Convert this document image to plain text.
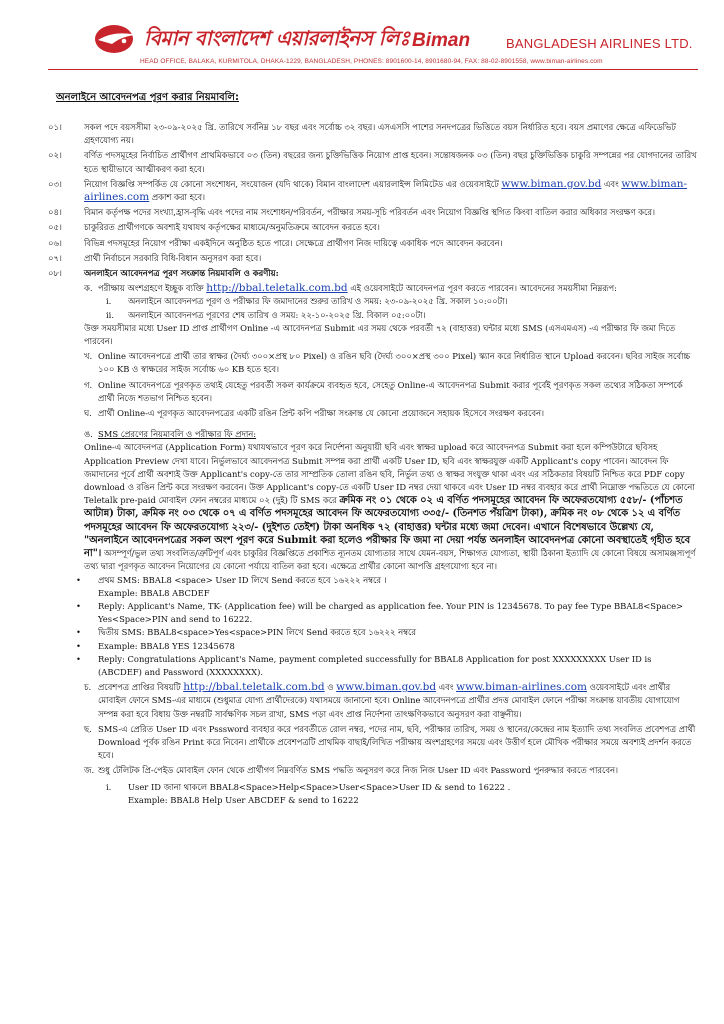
বিমান বাংলাদেশ এয়ারলাইনস লিঃ Biman	BANGLADESH AIRLINES LTD.
HEAD OFFICE, BALAKA, KURMITOLA, DHAKA-1229, BANGLADESH, PHONES: 8901600-14, 8901680-94, FAX: 88-02-8901558, www.biman-airlines.com
অনলাইনে আবেদনপত্র পূরণ করার নিয়মাবলি:
০১।	সকল পদে বয়সসীমা ২৩-০৯-২০২৫ খ্রি. তারিখে সর্বনিম্ন ১৮ বছর এবং সর্বোচ্চ ৩২ বছর। এসএসসি পাশের সনদপত্রের ভিত্তিতে বয়স নির্ধারিত হবে। বয়স প্রমাণের ক্ষেত্রে এফিডেভিট গ্রহণযোগ্য নয়।
০২।	বর্ণিত পদসমূহের নির্বাচিত প্রার্থীগণ প্রাথমিকভাবে ০৩ (তিন) বছরের জন্য চুক্তিভিত্তিক নিয়োগ প্রাপ্ত হবেন। সন্তোষজনক ০৩ (তিন) বছর চুক্তিভিত্তিক চাকুরি সম্পন্নের পর যোগদানের তারিখ হতে স্থায়ীভাবে আত্মীকরণ করা হবে।
০৩।	নিয়োগ বিজ্ঞপ্তি সম্পর্কিত যে কোনো সংশোধন, সংযোজন (যদি থাকে) বিমান বাংলাদেশ এয়ারলাইন্স লিমিটেড এর ওয়েবসাইটে www.biman.gov.bd এবং www.biman-airlines.com প্রকাশ করা হবে।
০৪।	বিমান কর্তৃপক্ষ পদের সংখ্যা,হ্রাস-বৃদ্ধি এবং পদের নাম সংশোধন/পরিবর্তন, পরীক্ষার সময়-সূচি পরিবর্তন এবং নিয়োগ বিজ্ঞপ্তি স্থগিত কিংবা বাতিল করার অধিকার সংরক্ষণ করে।
০৫।	চাকুরিরত প্রার্থীগণকে অবশ্যই যথাযথ কর্তৃপক্ষের মাধ্যমে/অনুমতিক্রমে আবেদন করতে হবে।
০৬।	বিভিন্ন পদসমূহের নিয়োগ পরীক্ষা একইদিনে অনুষ্ঠিত হতে পারে। সেক্ষেত্রে প্রার্থীগণ নিজ দায়িত্বে একাধিক পদে আবেদন করবেন।
০৭।	প্রার্থী নির্বাচনে সরকারি বিধি-বিধান অনুসরণ করা হবে।
০৮।	অনলাইনে আবেদনপত্র পূরণ সংক্রান্ত নিয়মাবলি ও করণীয়:
ক. পরীক্ষায় অংশগ্রহণে ইচ্ছুক ব্যক্তি http://bbal.teletalk.com.bd এই ওয়েবসাইটে আবেদনপত্র পূরণ করতে পারবেন। আবেদনের সময়সীমা নিম্নরূপ:
i.	অনলাইনে আবেদনপত্র পূরণ ও পরীক্ষার ফি জমাদানের শুরুর তারিখ ও সময়: ২৩-০৯-২০২৫ খ্রি. সকাল ১০:০০টা।
ii.	অনলাইনে আবেদনপত্র পূরণের শেষ তারিখ ও সময়: ২২-১০-২০২৫ খ্রি. বিকাল ০৫:০০টা।
উক্ত সময়সীমার মধ্যে User ID প্রাপ্ত প্রার্থীগণ Online -এ আবেদনপত্র Submit এর সময় থেকে পরবর্তী ৭২ (বাহাত্তর) ঘন্টার মধ্যে SMS (এসএমএস) -এ পরীক্ষার ফি জমা দিতে পারবেন।
খ. Online আবেদনপত্রে প্রার্থী তার স্বাক্ষর (দৈর্ঘ্য ৩০০×প্রস্থ ৮০ Pixel) ও রঙিন ছবি (দৈর্ঘ্য ৩০০×প্রস্থ ৩০০ Pixel) স্ক্যান করে নির্ধারিত স্থানে Upload করবেন। ছবির সাইজ সর্বোচ্চ ১০০ KB ও স্বাক্ষরের সাইজ সর্বোচ্চ ৬০ KB হতে হবে।
গ. Online আবেদনপত্রে পূরণকৃত তথ্যই যেহেতু পরবর্তী সকল কার্যক্রমে ব্যবহৃত হবে, সেহেতু Online-এ আবেদনপত্র Submit করার পূর্বেই পূরণকৃত সকল তথ্যের সঠিকতা সম্পর্কে প্রার্থী নিজে শতভাগ নিশ্চিত হবেন।
ঘ. প্রার্থী Online-এ পূরণকৃত আবেদনপত্রের একটি রঙিন প্রিন্ট কপি পরীক্ষা সংক্রান্ত যে কোনো প্রয়োজনে সহায়ক হিসেবে সংরক্ষণ করবেন।
ঙ. SMS প্রেরণের নিয়মাবলি ও পরীক্ষার ফি প্রদান:
Online-এ আবেদনপত্র (Application Form) যথাযথভাবে পূরণ করে নির্দেশনা অনুযায়ী ছবি এবং স্বাক্ষর upload করে আবেদনপত্র Submit করা হলে কম্পিউটারে ছবিসহ Application Preview দেখা যাবে। নির্ভুলভাবে আবেদনপত্র Submit সম্পন্ন করা প্রার্থী একটি User ID, ছবি এবং স্বাক্ষরযুক্ত একটি Applicant's copy পাবেন। আবেদন ফি জমাদানের পূর্বে প্রার্থী অবশ্যই উক্ত Applicant's copy-তে তার সাম্প্রতিক তোলা রঙিন ছবি, নির্ভুল তথ্য ও স্বাক্ষর সংযুক্ত থাকা এবং এর সঠিকতার বিষয়টি নিশ্চিত করে PDF copy download ও রঙিন প্রিন্ট করে সংরক্ষণ করবেন। উক্ত Applicant's copy-তে একটি User ID নম্বর দেয়া থাকবে এবং User ID নম্বর ব্যবহার করে প্রার্থী নিম্নোক্ত পদ্ধতিতে যে কোনো Teletalk pre-paid মোবাইল ফোন নম্বরের মাধ্যমে ০২ (দুই) টি SMS করে ক্রমিক নং ০১ থেকে ০২ এ বর্ণিত পদসমূহের আবেদন ফি অফেরতযোগ্য ৫৫৮/- (পাঁচশত আটান্ন) টাকা, ক্রমিক নং ০৩ থেকে ০৭ এ বর্ণিত পদসমূহের আবেদন ফি অফেরতযোগ্য ৩৩৫/- (তিনশত পঁয়ত্রিশ টাকা), ক্রমিক নং ০৮ থেকে ১২ এ বর্ণিত পদসমূহের আবেদন ফি অফেরতযোগ্য ২২৩/- (দুইশত তেইশ) টাকা অনধিক ৭২ (বাহাত্তর) ঘন্টার মধ্যে জমা দেবেন। এখানে বিশেষভাবে উল্লেখ্য যে, "অনলাইনে আবেদনপত্রের সকল অংশ পূরণ করে Submit করা হলেও পরীক্ষার ফি জমা না দেয়া পর্যন্ত অনলাইন আবেদনপত্র কোনো অবস্থাতেই গৃহীত হবে না"। অসম্পূর্ণ/ভুল তথ্য সংবলিত/ত্রুটিপূর্ণ এবং চাকুরির বিজ্ঞপ্তিতে প্রকাশিত ন্যূনতম যোগ্যতার সাথে যেমন-বয়স, শিক্ষাগত যোগ্যতা, স্থায়ী ঠিকানা ইত্যাদি যে কোনো বিষয়ে অসামঞ্জস্যপূর্ণ তথ্য দ্বারা পূরণকৃত আবেদন নিয়োগের যে কোনো পর্যায়ে বাতিল করা হবে। এক্ষেত্রে প্রার্থীর কোনো আপত্তি গ্রহণযোগ্য হবে না।
•	প্রথম SMS: BBAL8 <space> User ID লিখে Send করতে হবে ১৬২২২ নম্বরে ।
Example: BBAL8 ABCDEF
•	Reply: Applicant's Name, TK- (Application fee) will be charged as application fee. Your PIN is 12345678. To pay fee Type BBAL8<Space> Yes<Space>PIN and send to 16222.
•	দ্বিতীয় SMS: BBAL8<space>Yes<space>PIN লিখে Send করতে হবে ১৬২২২ নম্বরে
•	Example: BBAL8 YES 12345678
•	Reply: Congratulations Applicant's Name, payment completed successfully for BBAL8 Application for post XXXXXXXXX User ID is (ABCDEF) and Password (XXXXXXXX).
চ. প্রবেশপত্র প্রাপ্তির বিষয়টি http://bbal.teletalk.com.bd ও www.biman.gov.bd এবং www.biman-airlines.com ওয়েবসাইটে এবং প্রার্থীর মোবাইল ফোনে SMS-এর মাধ্যমে (শুধুমাত্র যোগ্য প্রার্থীদেরকে) যথাসময়ে জানানো হবে। Online আবেদনপত্রে প্রার্থীর প্রদত্ত মোবাইল ফোনে পরীক্ষা সংক্রান্ত যাবতীয় যোগাযোগ সম্পন্ন করা হবে বিধায় উক্ত নম্বরটি সার্বক্ষণিক সচল রাখা, SMS পড়া এবং প্রাপ্ত নির্দেশনা তাৎক্ষণিকভাবে অনুসরণ করা বাঞ্ছনীয়।
ছ. SMS-এ প্রেরিত User ID এবং Psssword ব্যবহার করে পরবর্তীতে রোল নম্বর, পদের নাম, ছবি, পরীক্ষার তারিখ, সময় ও স্থানের/কেন্দ্রের নাম ইত্যাদি তথ্য সংবলিত প্রবেশপত্র প্রার্থী Download পূর্বক রঙিন Print করে নিবেন। প্রার্থীকে প্রবেশপত্রটি প্রাথমিক বাছাই/লিখিত পরীক্ষায় অংশগ্রহণের সময়ে এবং উত্তীর্ণ হলে মৌখিক পরীক্ষার সময়ে অবশ্যই প্রদর্শন করতে হবে।
জ. শুধু টেলিটক প্রি-পেইড মোবাইল ফোন থেকে প্রার্থীগণ নিম্নবর্ণিত SMS পদ্ধতি অনুসরণ করে নিজ নিজ User ID এবং Password পুনরুদ্ধার করতে পারবেন।
i.	User ID জানা থাকলে BBAL8<Space>Help<Space>User<Space>User ID & send to 16222 .
Example: BBAL8 Help User ABCDEF & send to 16222
